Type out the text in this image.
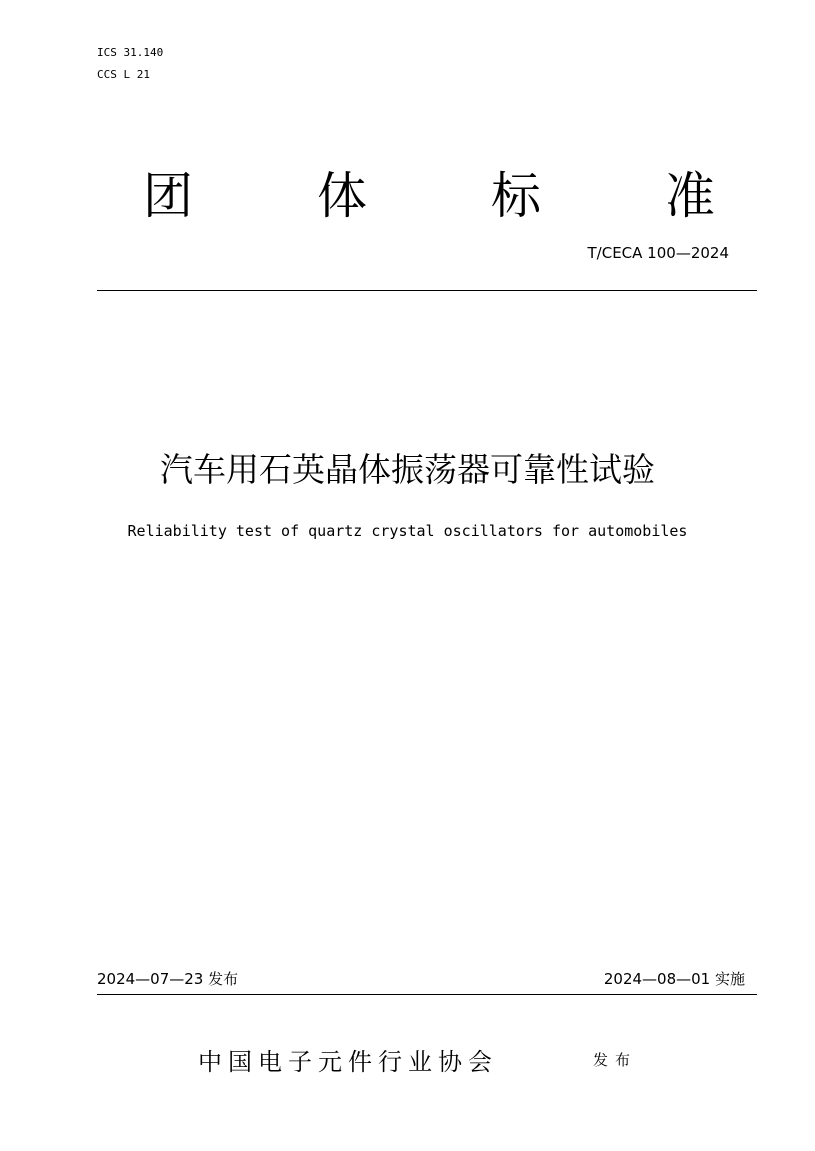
ICS 31.140
CCS L 21
团 体 标 准
T/CECA 100—2024
汽车用石英晶体振荡器可靠性试验
Reliability test of quartz crystal oscillators for automobiles
2024—07—23 发布	2024—08—01 实施
中国电子元件行业协会	发布
